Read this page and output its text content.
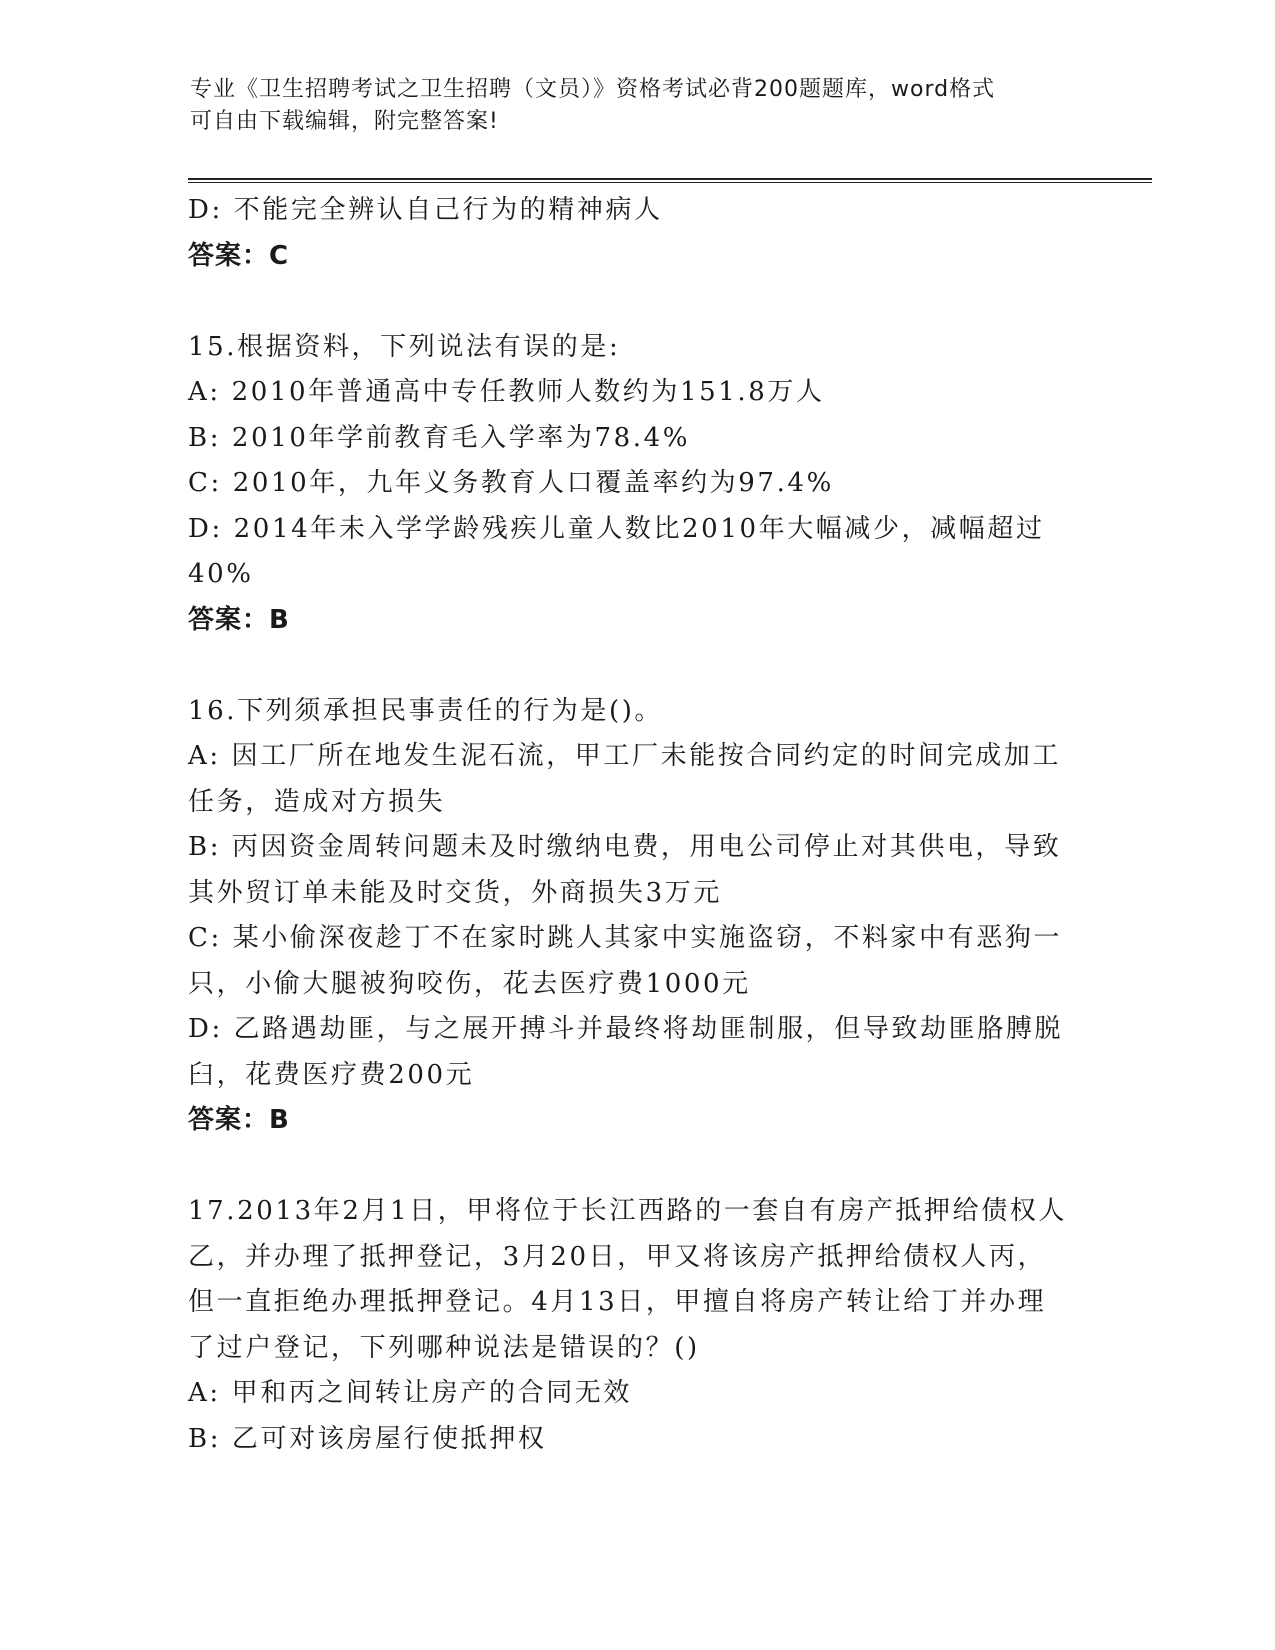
专业《卫生招聘考试之卫生招聘（文员）》资格考试必背200题题库，word格式
可自由下载编辑，附完整答案!
D: 不能完全辨认自己行为的精神病人
答案：C
15.根据资料，下列说法有误的是:
A: 2010年普通高中专任教师人数约为151.8万人
B: 2010年学前教育毛入学率为78.4%
C: 2010年，九年义务教育人口覆盖率约为97.4%
D: 2014年未入学学龄残疾儿童人数比2010年大幅减少，减幅超过
40%
答案：B
16.下列须承担民事责任的行为是()。
A: 因工厂所在地发生泥石流，甲工厂未能按合同约定的时间完成加工
任务，造成对方损失
B: 丙因资金周转问题未及时缴纳电费，用电公司停止对其供电，导致
其外贸订单未能及时交货，外商损失3万元
C: 某小偷深夜趁丁不在家时跳人其家中实施盗窃，不料家中有恶狗一
只，小偷大腿被狗咬伤，花去医疗费1000元
D: 乙路遇劫匪，与之展开搏斗并最终将劫匪制服，但导致劫匪胳膊脱
臼，花费医疗费200元
答案：B
17.2013年2月1日，甲将位于长江西路的一套自有房产抵押给债权人
乙，并办理了抵押登记，3月20日，甲又将该房产抵押给债权人丙，
但一直拒绝办理抵押登记。4月13日，甲擅自将房产转让给丁并办理
了过户登记，下列哪种说法是错误的？()
A: 甲和丙之间转让房产的合同无效
B: 乙可对该房屋行使抵押权
